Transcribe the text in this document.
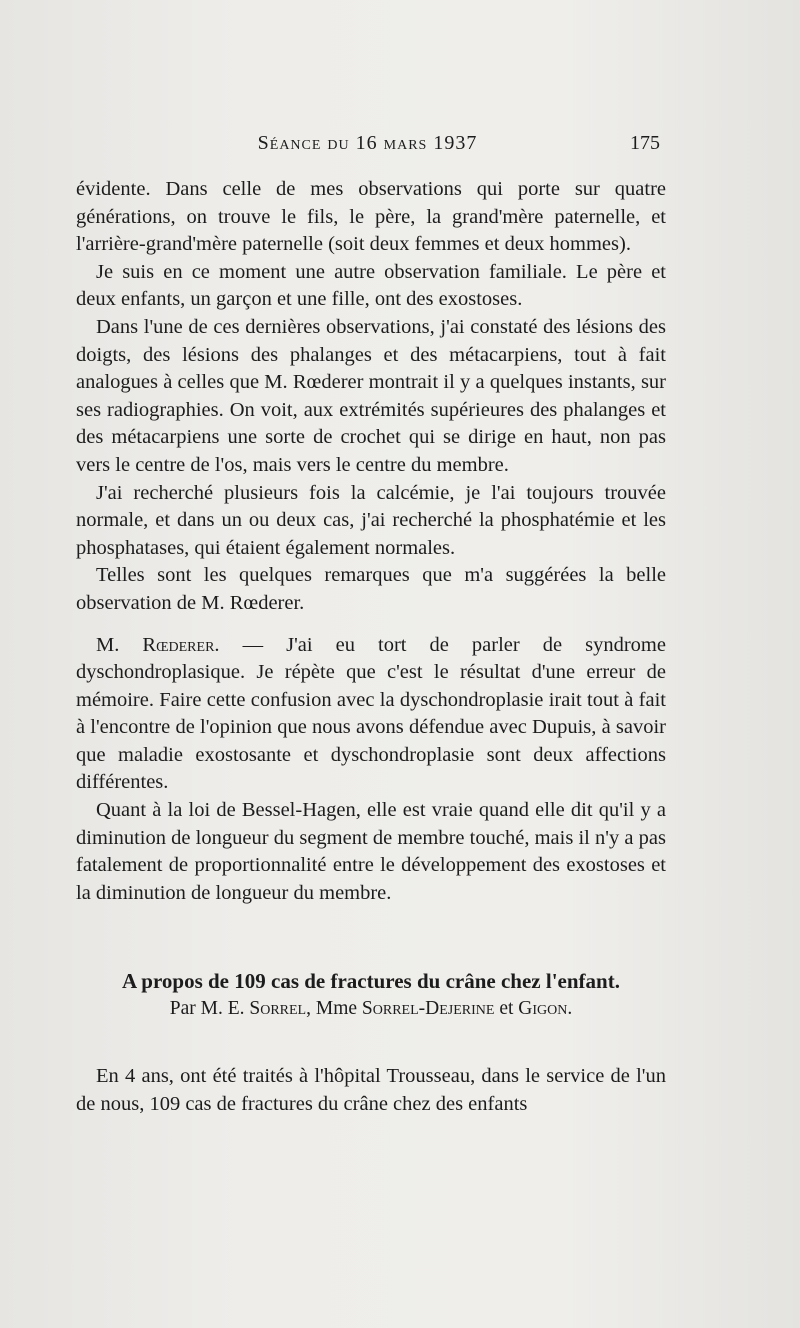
Séance du 16 mars 1937	175

évidente. Dans celle de mes observations qui porte sur quatre générations, on trouve le fils, le père, la grand'mère paternelle, et l'arrière-grand'mère paternelle (soit deux femmes et deux hommes).

Je suis en ce moment une autre observation familiale. Le père et deux enfants, un garçon et une fille, ont des exostoses.

Dans l'une de ces dernières observations, j'ai constaté des lésions des doigts, des lésions des phalanges et des métacarpiens, tout à fait analogues à celles que M. Rœderer montrait il y a quelques instants, sur ses radiographies. On voit, aux extrémités supérieures des phalanges et des métacarpiens une sorte de crochet qui se dirige en haut, non pas vers le centre de l'os, mais vers le centre du membre.

J'ai recherché plusieurs fois la calcémie, je l'ai toujours trouvée normale, et dans un ou deux cas, j'ai recherché la phosphatémie et les phosphatases, qui étaient également normales.

Telles sont les quelques remarques que m'a suggérées la belle observation de M. Rœderer.

M. Rœderer. — J'ai eu tort de parler de syndrome dyschondroplasique. Je répète que c'est le résultat d'une erreur de mémoire. Faire cette confusion avec la dyschondroplasie irait tout à fait à l'encontre de l'opinion que nous avons défendue avec Dupuis, à savoir que maladie exostosante et dyschondroplasie sont deux affections différentes.

Quant à la loi de Bessel-Hagen, elle est vraie quand elle dit qu'il y a diminution de longueur du segment de membre touché, mais il n'y a pas fatalement de proportionnalité entre le développement des exostoses et la diminution de longueur du membre.

A propos de 109 cas de fractures du crâne chez l'enfant.

Par M. E. Sorrel, Mme Sorrel-Dejerine et Gigon.

En 4 ans, ont été traités à l'hôpital Trousseau, dans le service de l'un de nous, 109 cas de fractures du crâne chez des enfants
